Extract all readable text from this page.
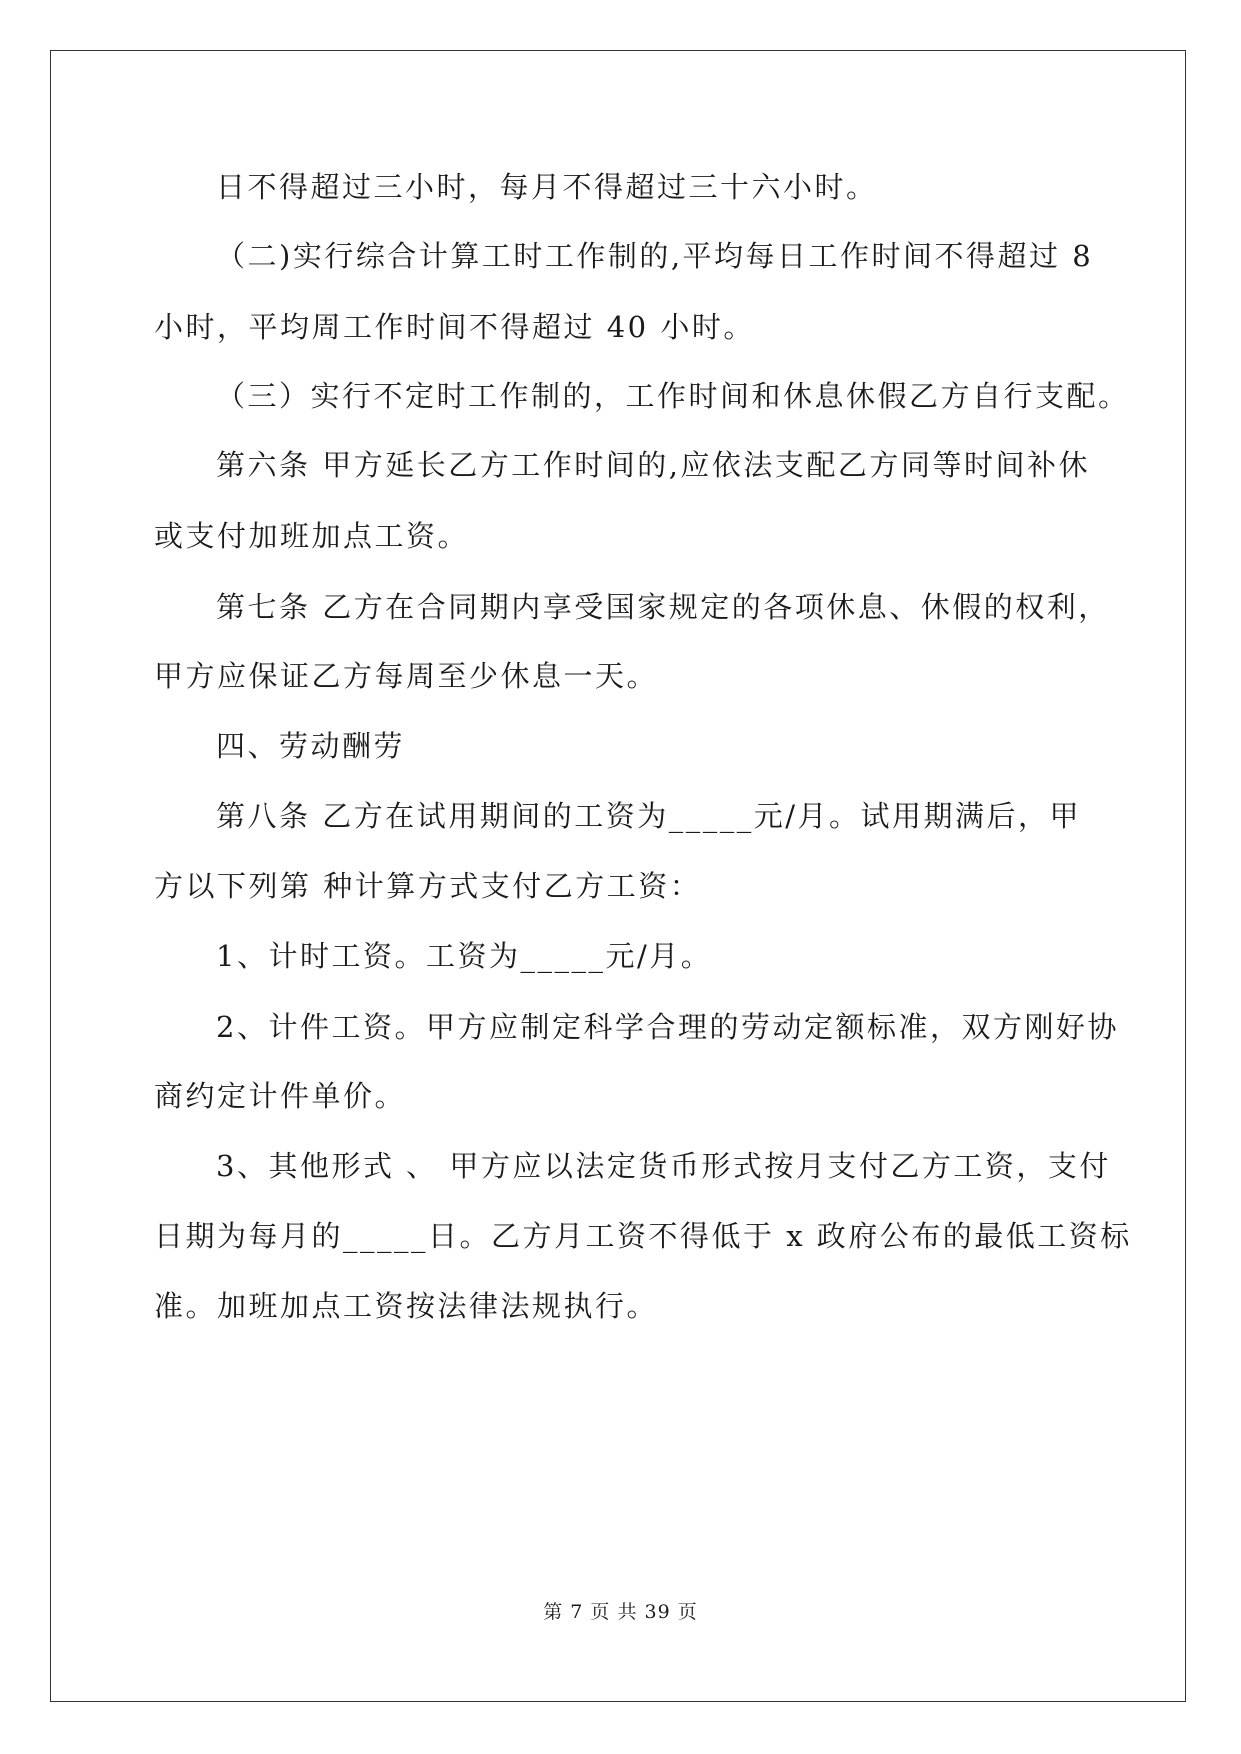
日不得超过三小时，每月不得超过三十六小时。
（二)实行综合计算工时工作制的,平均每日工作时间不得超过 8
小时，平均周工作时间不得超过 40 小时。
（三）实行不定时工作制的，工作时间和休息休假乙方自行支配。
第六条 甲方延长乙方工作时间的,应依法支配乙方同等时间补休
或支付加班加点工资。
第七条 乙方在合同期内享受国家规定的各项休息、休假的权利，
甲方应保证乙方每周至少休息一天。
四、劳动酬劳
第八条 乙方在试用期间的工资为_____元/月。试用期满后，甲
方以下列第 种计算方式支付乙方工资：
1、计时工资。工资为_____元/月。
2、计件工资。甲方应制定科学合理的劳动定额标准，双方刚好协
商约定计件单价。
3、其他形式 、 甲方应以法定货币形式按月支付乙方工资，支付
日期为每月的_____日。乙方月工资不得低于 x 政府公布的最低工资标
准。加班加点工资按法律法规执行。
第 7 页 共 39 页
